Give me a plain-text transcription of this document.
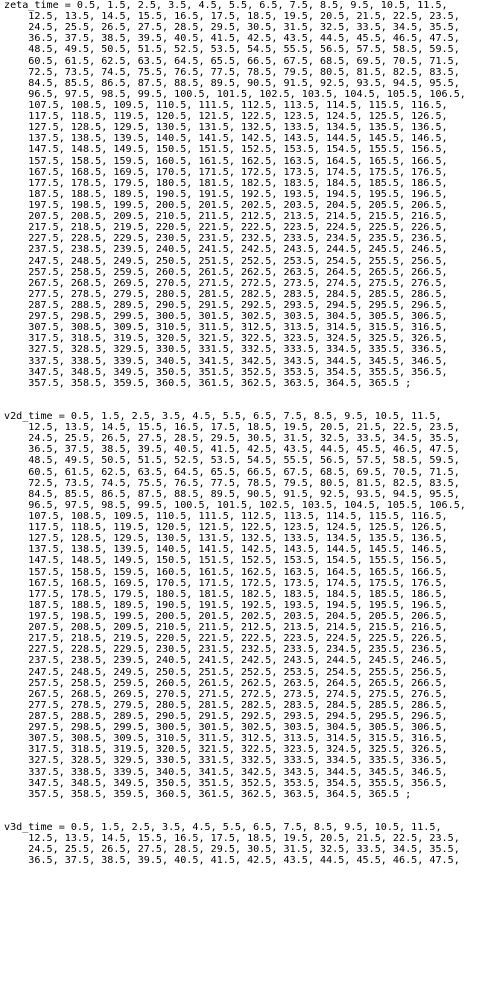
zeta_time = 0.5, 1.5, 2.5, 3.5, 4.5, 5.5, 6.5, 7.5, 8.5, 9.5, 10.5, 11.5,
12.5, 13.5, 14.5, 15.5, 16.5, 17.5, 18.5, 19.5, 20.5, 21.5, 22.5, 23.5,
24.5, 25.5, 26.5, 27.5, 28.5, 29.5, 30.5, 31.5, 32.5, 33.5, 34.5, 35.5,
36.5, 37.5, 38.5, 39.5, 40.5, 41.5, 42.5, 43.5, 44.5, 45.5, 46.5, 47.5,
48.5, 49.5, 50.5, 51.5, 52.5, 53.5, 54.5, 55.5, 56.5, 57.5, 58.5, 59.5,
60.5, 61.5, 62.5, 63.5, 64.5, 65.5, 66.5, 67.5, 68.5, 69.5, 70.5, 71.5,
72.5, 73.5, 74.5, 75.5, 76.5, 77.5, 78.5, 79.5, 80.5, 81.5, 82.5, 83.5,
84.5, 85.5, 86.5, 87.5, 88.5, 89.5, 90.5, 91.5, 92.5, 93.5, 94.5, 95.5,
96.5, 97.5, 98.5, 99.5, 100.5, 101.5, 102.5, 103.5, 104.5, 105.5, 106.5,
107.5, 108.5, 109.5, 110.5, 111.5, 112.5, 113.5, 114.5, 115.5, 116.5,
117.5, 118.5, 119.5, 120.5, 121.5, 122.5, 123.5, 124.5, 125.5, 126.5,
127.5, 128.5, 129.5, 130.5, 131.5, 132.5, 133.5, 134.5, 135.5, 136.5,
137.5, 138.5, 139.5, 140.5, 141.5, 142.5, 143.5, 144.5, 145.5, 146.5,
147.5, 148.5, 149.5, 150.5, 151.5, 152.5, 153.5, 154.5, 155.5, 156.5,
157.5, 158.5, 159.5, 160.5, 161.5, 162.5, 163.5, 164.5, 165.5, 166.5,
167.5, 168.5, 169.5, 170.5, 171.5, 172.5, 173.5, 174.5, 175.5, 176.5,
177.5, 178.5, 179.5, 180.5, 181.5, 182.5, 183.5, 184.5, 185.5, 186.5,
187.5, 188.5, 189.5, 190.5, 191.5, 192.5, 193.5, 194.5, 195.5, 196.5,
197.5, 198.5, 199.5, 200.5, 201.5, 202.5, 203.5, 204.5, 205.5, 206.5,
207.5, 208.5, 209.5, 210.5, 211.5, 212.5, 213.5, 214.5, 215.5, 216.5,
217.5, 218.5, 219.5, 220.5, 221.5, 222.5, 223.5, 224.5, 225.5, 226.5,
227.5, 228.5, 229.5, 230.5, 231.5, 232.5, 233.5, 234.5, 235.5, 236.5,
237.5, 238.5, 239.5, 240.5, 241.5, 242.5, 243.5, 244.5, 245.5, 246.5,
247.5, 248.5, 249.5, 250.5, 251.5, 252.5, 253.5, 254.5, 255.5, 256.5,
257.5, 258.5, 259.5, 260.5, 261.5, 262.5, 263.5, 264.5, 265.5, 266.5,
267.5, 268.5, 269.5, 270.5, 271.5, 272.5, 273.5, 274.5, 275.5, 276.5,
277.5, 278.5, 279.5, 280.5, 281.5, 282.5, 283.5, 284.5, 285.5, 286.5,
287.5, 288.5, 289.5, 290.5, 291.5, 292.5, 293.5, 294.5, 295.5, 296.5,
297.5, 298.5, 299.5, 300.5, 301.5, 302.5, 303.5, 304.5, 305.5, 306.5,
307.5, 308.5, 309.5, 310.5, 311.5, 312.5, 313.5, 314.5, 315.5, 316.5,
317.5, 318.5, 319.5, 320.5, 321.5, 322.5, 323.5, 324.5, 325.5, 326.5,
327.5, 328.5, 329.5, 330.5, 331.5, 332.5, 333.5, 334.5, 335.5, 336.5,
337.5, 338.5, 339.5, 340.5, 341.5, 342.5, 343.5, 344.5, 345.5, 346.5,
347.5, 348.5, 349.5, 350.5, 351.5, 352.5, 353.5, 354.5, 355.5, 356.5,
357.5, 358.5, 359.5, 360.5, 361.5, 362.5, 363.5, 364.5, 365.5 ;
v2d_time = 0.5, 1.5, 2.5, 3.5, 4.5, 5.5, 6.5, 7.5, 8.5, 9.5, 10.5, 11.5,
12.5, 13.5, 14.5, 15.5, 16.5, 17.5, 18.5, 19.5, 20.5, 21.5, 22.5, 23.5,
24.5, 25.5, 26.5, 27.5, 28.5, 29.5, 30.5, 31.5, 32.5, 33.5, 34.5, 35.5,
36.5, 37.5, 38.5, 39.5, 40.5, 41.5, 42.5, 43.5, 44.5, 45.5, 46.5, 47.5,
48.5, 49.5, 50.5, 51.5, 52.5, 53.5, 54.5, 55.5, 56.5, 57.5, 58.5, 59.5,
60.5, 61.5, 62.5, 63.5, 64.5, 65.5, 66.5, 67.5, 68.5, 69.5, 70.5, 71.5,
72.5, 73.5, 74.5, 75.5, 76.5, 77.5, 78.5, 79.5, 80.5, 81.5, 82.5, 83.5,
84.5, 85.5, 86.5, 87.5, 88.5, 89.5, 90.5, 91.5, 92.5, 93.5, 94.5, 95.5,
96.5, 97.5, 98.5, 99.5, 100.5, 101.5, 102.5, 103.5, 104.5, 105.5, 106.5,
107.5, 108.5, 109.5, 110.5, 111.5, 112.5, 113.5, 114.5, 115.5, 116.5,
117.5, 118.5, 119.5, 120.5, 121.5, 122.5, 123.5, 124.5, 125.5, 126.5,
127.5, 128.5, 129.5, 130.5, 131.5, 132.5, 133.5, 134.5, 135.5, 136.5,
137.5, 138.5, 139.5, 140.5, 141.5, 142.5, 143.5, 144.5, 145.5, 146.5,
147.5, 148.5, 149.5, 150.5, 151.5, 152.5, 153.5, 154.5, 155.5, 156.5,
157.5, 158.5, 159.5, 160.5, 161.5, 162.5, 163.5, 164.5, 165.5, 166.5,
167.5, 168.5, 169.5, 170.5, 171.5, 172.5, 173.5, 174.5, 175.5, 176.5,
177.5, 178.5, 179.5, 180.5, 181.5, 182.5, 183.5, 184.5, 185.5, 186.5,
187.5, 188.5, 189.5, 190.5, 191.5, 192.5, 193.5, 194.5, 195.5, 196.5,
197.5, 198.5, 199.5, 200.5, 201.5, 202.5, 203.5, 204.5, 205.5, 206.5,
207.5, 208.5, 209.5, 210.5, 211.5, 212.5, 213.5, 214.5, 215.5, 216.5,
217.5, 218.5, 219.5, 220.5, 221.5, 222.5, 223.5, 224.5, 225.5, 226.5,
227.5, 228.5, 229.5, 230.5, 231.5, 232.5, 233.5, 234.5, 235.5, 236.5,
237.5, 238.5, 239.5, 240.5, 241.5, 242.5, 243.5, 244.5, 245.5, 246.5,
247.5, 248.5, 249.5, 250.5, 251.5, 252.5, 253.5, 254.5, 255.5, 256.5,
257.5, 258.5, 259.5, 260.5, 261.5, 262.5, 263.5, 264.5, 265.5, 266.5,
267.5, 268.5, 269.5, 270.5, 271.5, 272.5, 273.5, 274.5, 275.5, 276.5,
277.5, 278.5, 279.5, 280.5, 281.5, 282.5, 283.5, 284.5, 285.5, 286.5,
287.5, 288.5, 289.5, 290.5, 291.5, 292.5, 293.5, 294.5, 295.5, 296.5,
297.5, 298.5, 299.5, 300.5, 301.5, 302.5, 303.5, 304.5, 305.5, 306.5,
307.5, 308.5, 309.5, 310.5, 311.5, 312.5, 313.5, 314.5, 315.5, 316.5,
317.5, 318.5, 319.5, 320.5, 321.5, 322.5, 323.5, 324.5, 325.5, 326.5,
327.5, 328.5, 329.5, 330.5, 331.5, 332.5, 333.5, 334.5, 335.5, 336.5,
337.5, 338.5, 339.5, 340.5, 341.5, 342.5, 343.5, 344.5, 345.5, 346.5,
347.5, 348.5, 349.5, 350.5, 351.5, 352.5, 353.5, 354.5, 355.5, 356.5,
357.5, 358.5, 359.5, 360.5, 361.5, 362.5, 363.5, 364.5, 365.5 ;
v3d_time = 0.5, 1.5, 2.5, 3.5, 4.5, 5.5, 6.5, 7.5, 8.5, 9.5, 10.5, 11.5,
12.5, 13.5, 14.5, 15.5, 16.5, 17.5, 18.5, 19.5, 20.5, 21.5, 22.5, 23.5,
24.5, 25.5, 26.5, 27.5, 28.5, 29.5, 30.5, 31.5, 32.5, 33.5, 34.5, 35.5,
36.5, 37.5, 38.5, 39.5, 40.5, 41.5, 42.5, 43.5, 44.5, 45.5, 46.5, 47.5,
